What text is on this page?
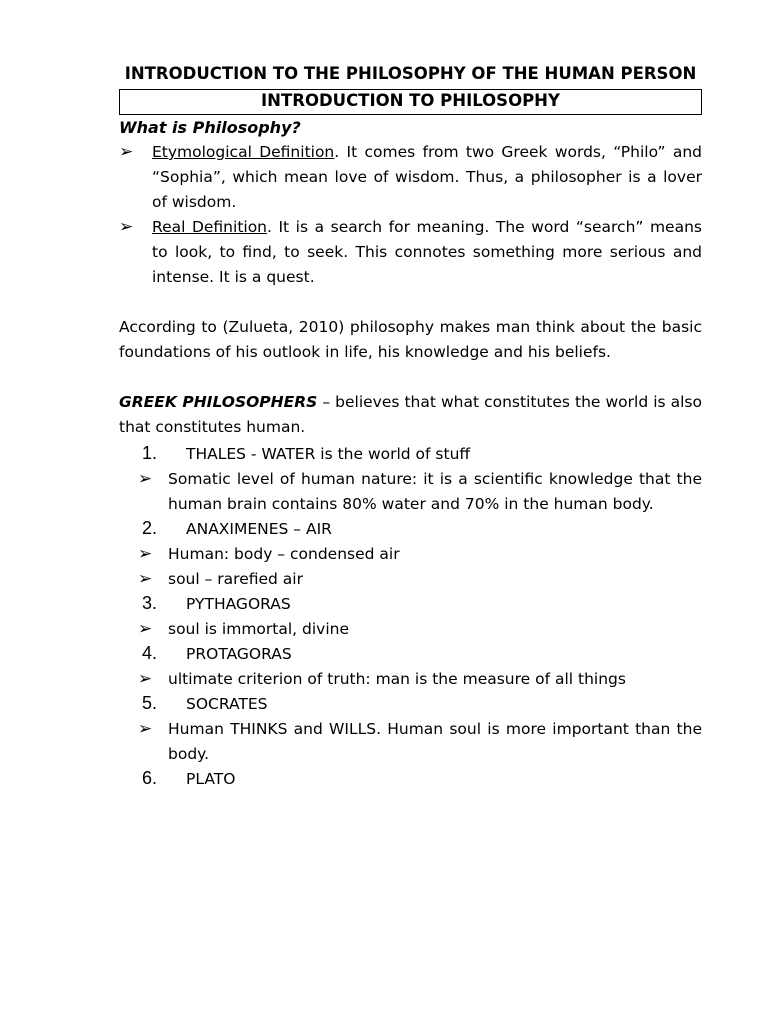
INTRODUCTION TO THE PHILOSOPHY OF THE HUMAN PERSON

INTRODUCTION TO PHILOSOPHY

What is Philosophy?

➢ Etymological Definition. It comes from two Greek words, “Philo” and “Sophia”, which mean love of wisdom. Thus, a philosopher is a lover of wisdom.
➢ Real Definition. It is a search for meaning. The word “search” means to look, to find, to seek. This connotes something more serious and intense. It is a quest.

According to (Zulueta, 2010) philosophy makes man think about the basic foundations of his outlook in life, his knowledge and his beliefs.

GREEK PHILOSOPHERS – believes that what constitutes the world is also that constitutes human.

1. THALES - WATER is the world of stuff
➢ Somatic level of human nature: it is a scientific knowledge that the human brain contains 80% water and 70% in the human body.
2. ANAXIMENES – AIR
➢ Human: body – condensed air
➢ soul – rarefied air
3. PYTHAGORAS
➢ soul is immortal, divine
4. PROTAGORAS
➢ ultimate criterion of truth: man is the measure of all things
5. SOCRATES
➢ Human THINKS and WILLS. Human soul is more important than the body.
6. PLATO
